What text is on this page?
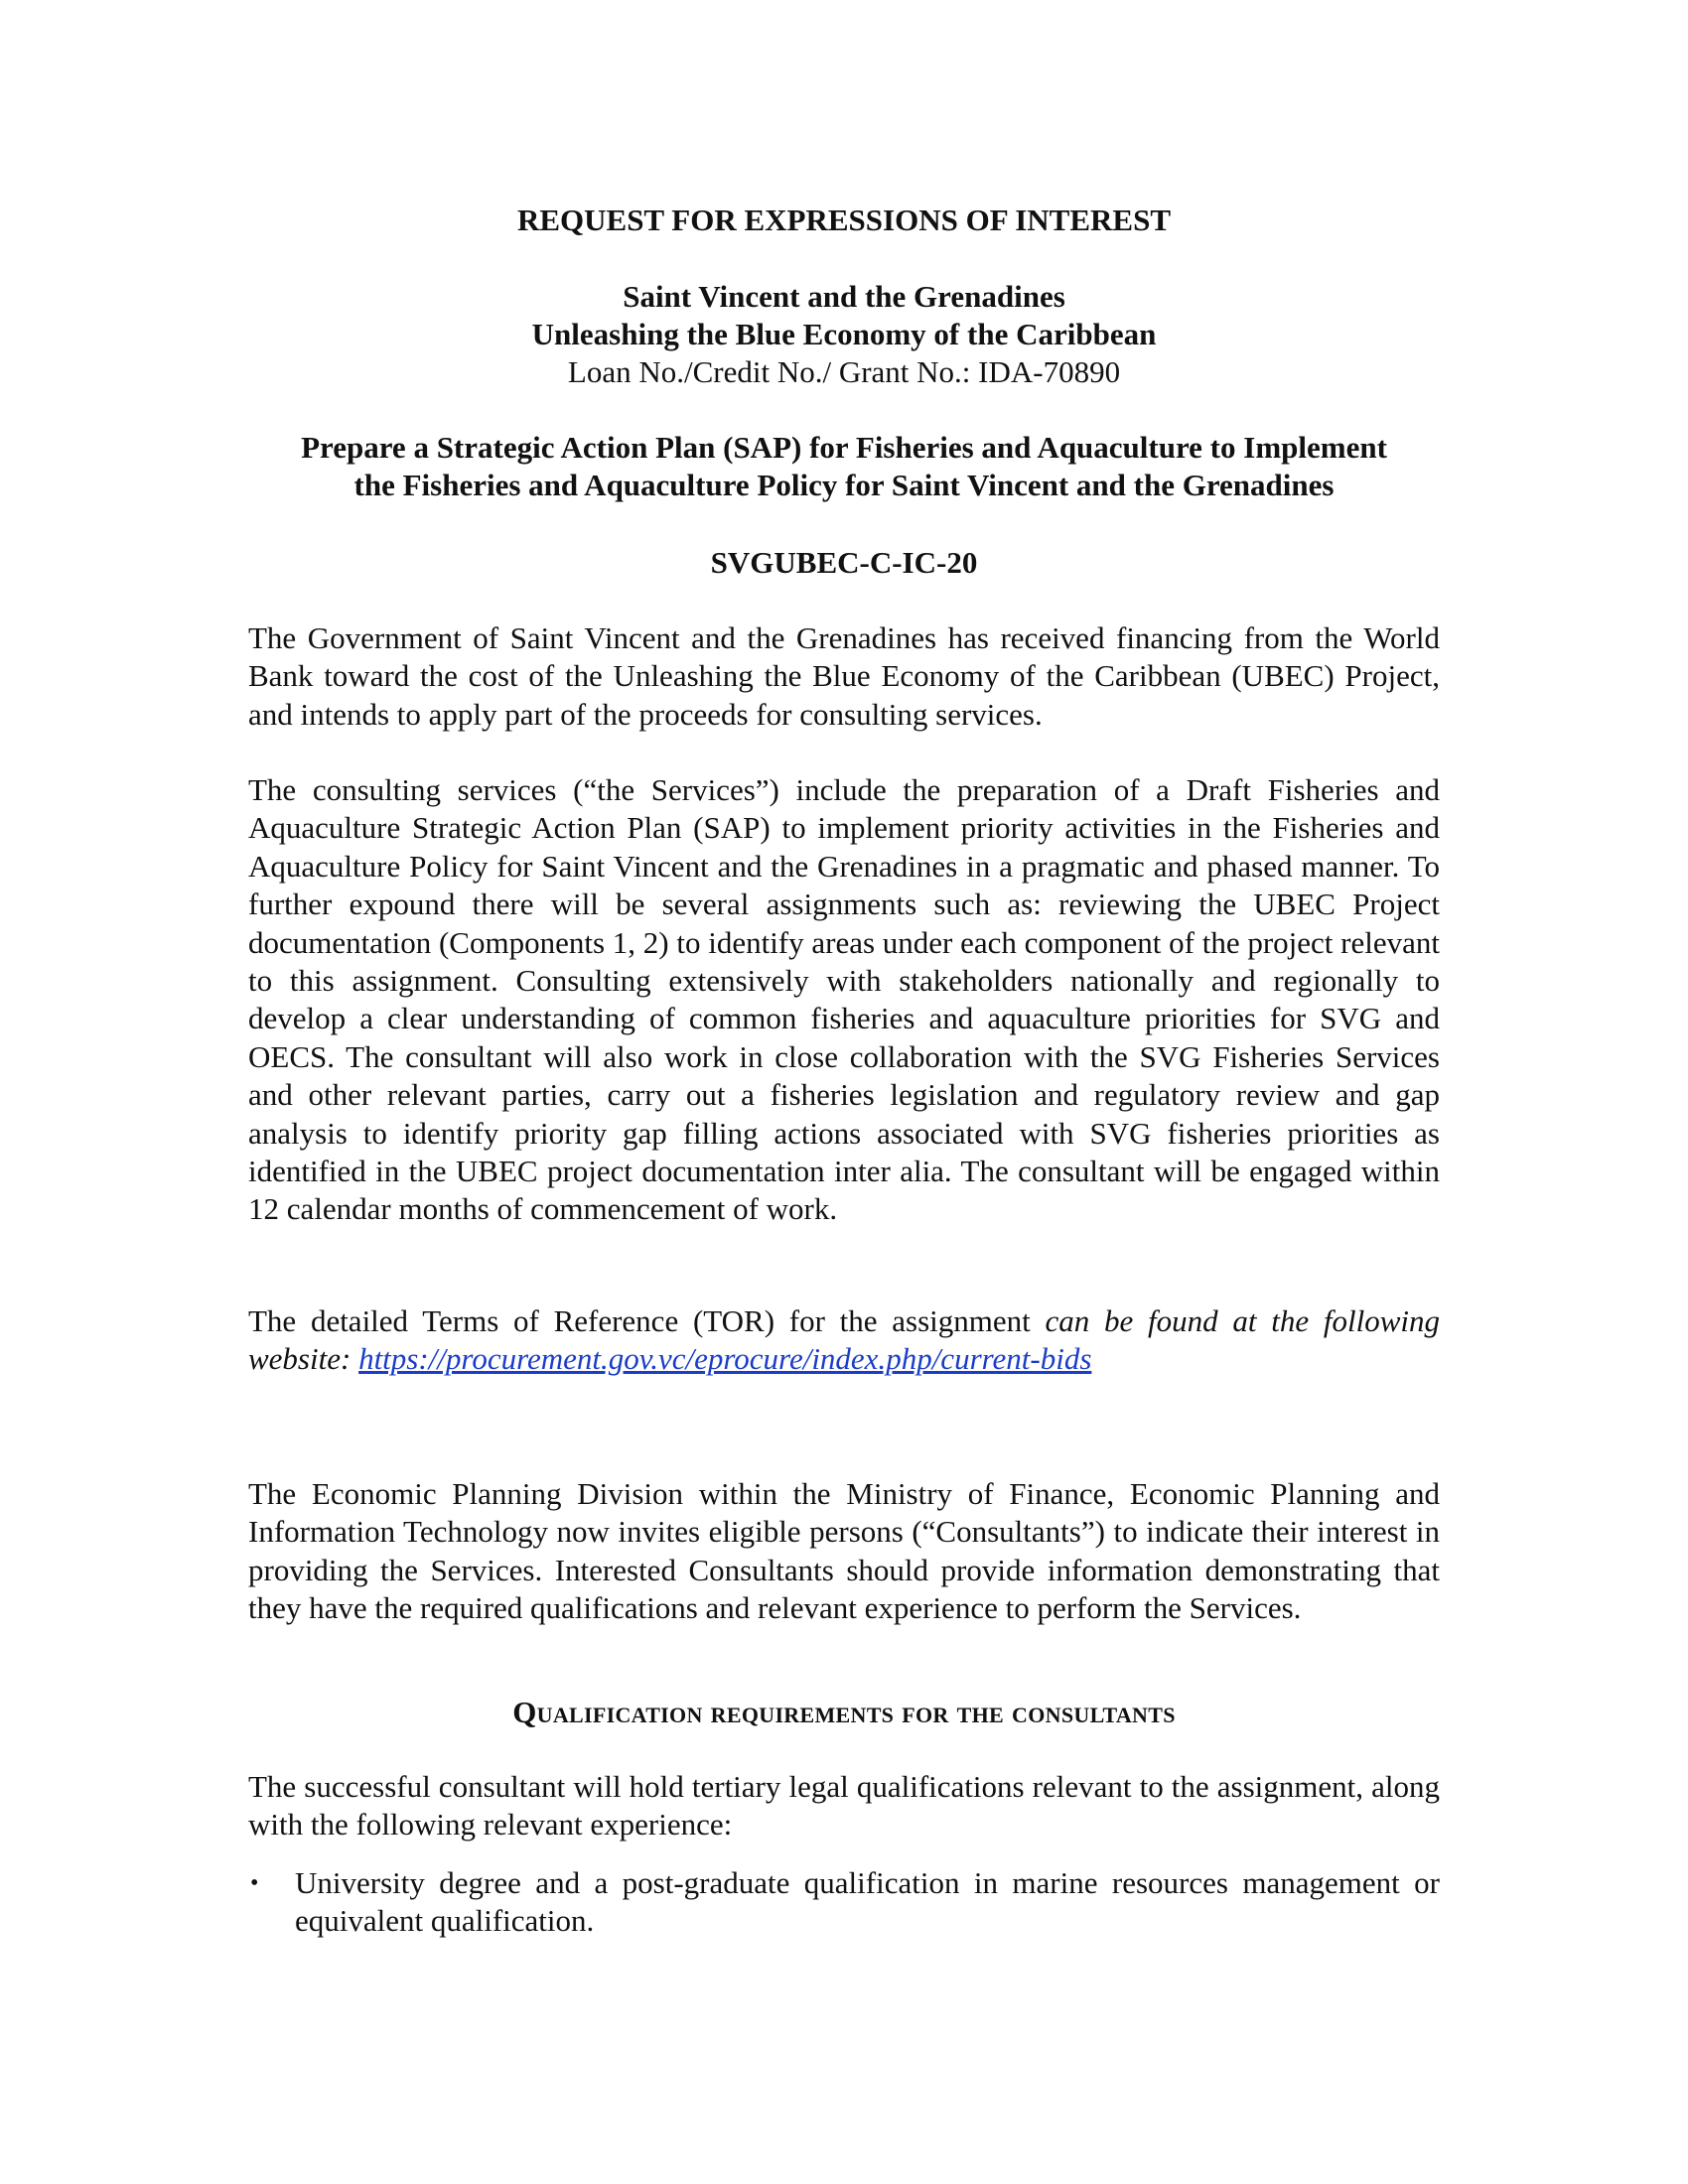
REQUEST FOR EXPRESSIONS OF INTEREST
Saint Vincent and the Grenadines
Unleashing the Blue Economy of the Caribbean
Loan No./Credit No./ Grant No.: IDA-70890
Prepare a Strategic Action Plan (SAP) for Fisheries and Aquaculture to Implement
the Fisheries and Aquaculture Policy for Saint Vincent and the Grenadines
SVGUBEC-C-IC-20

The Government of Saint Vincent and the Grenadines has received financing from the World Bank toward the cost of the Unleashing the Blue Economy of the Caribbean (UBEC) Project, and intends to apply part of the proceeds for consulting services.

The consulting services (“the Services”) include the preparation of a Draft Fisheries and Aquaculture Strategic Action Plan (SAP) to implement priority activities in the Fisheries and Aquaculture Policy for Saint Vincent and the Grenadines in a pragmatic and phased manner. To further expound there will be several assignments such as: reviewing the UBEC Project documentation (Components 1, 2) to identify areas under each component of the project relevant to this assignment. Consulting extensively with stakeholders nationally and regionally to develop a clear understanding of common fisheries and aquaculture priorities for SVG and OECS. The consultant will also work in close collaboration with the SVG Fisheries Services and other relevant parties, carry out a fisheries legislation and regulatory review and gap analysis to identify priority gap filling actions associated with SVG fisheries priorities as identified in the UBEC project documentation inter alia. The consultant will be engaged within 12 calendar months of commencement of work.

The detailed Terms of Reference (TOR) for the assignment can be found at the following website: https://procurement.gov.vc/eprocure/index.php/current-bids

The Economic Planning Division within the Ministry of Finance, Economic Planning and Information Technology now invites eligible persons (“Consultants”) to indicate their interest in providing the Services. Interested Consultants should provide information demonstrating that they have the required qualifications and relevant experience to perform the Services.

Qualification requirements for the consultants

The successful consultant will hold tertiary legal qualifications relevant to the assignment, along with the following relevant experience:

• University degree and a post-graduate qualification in marine resources management or equivalent qualification.
